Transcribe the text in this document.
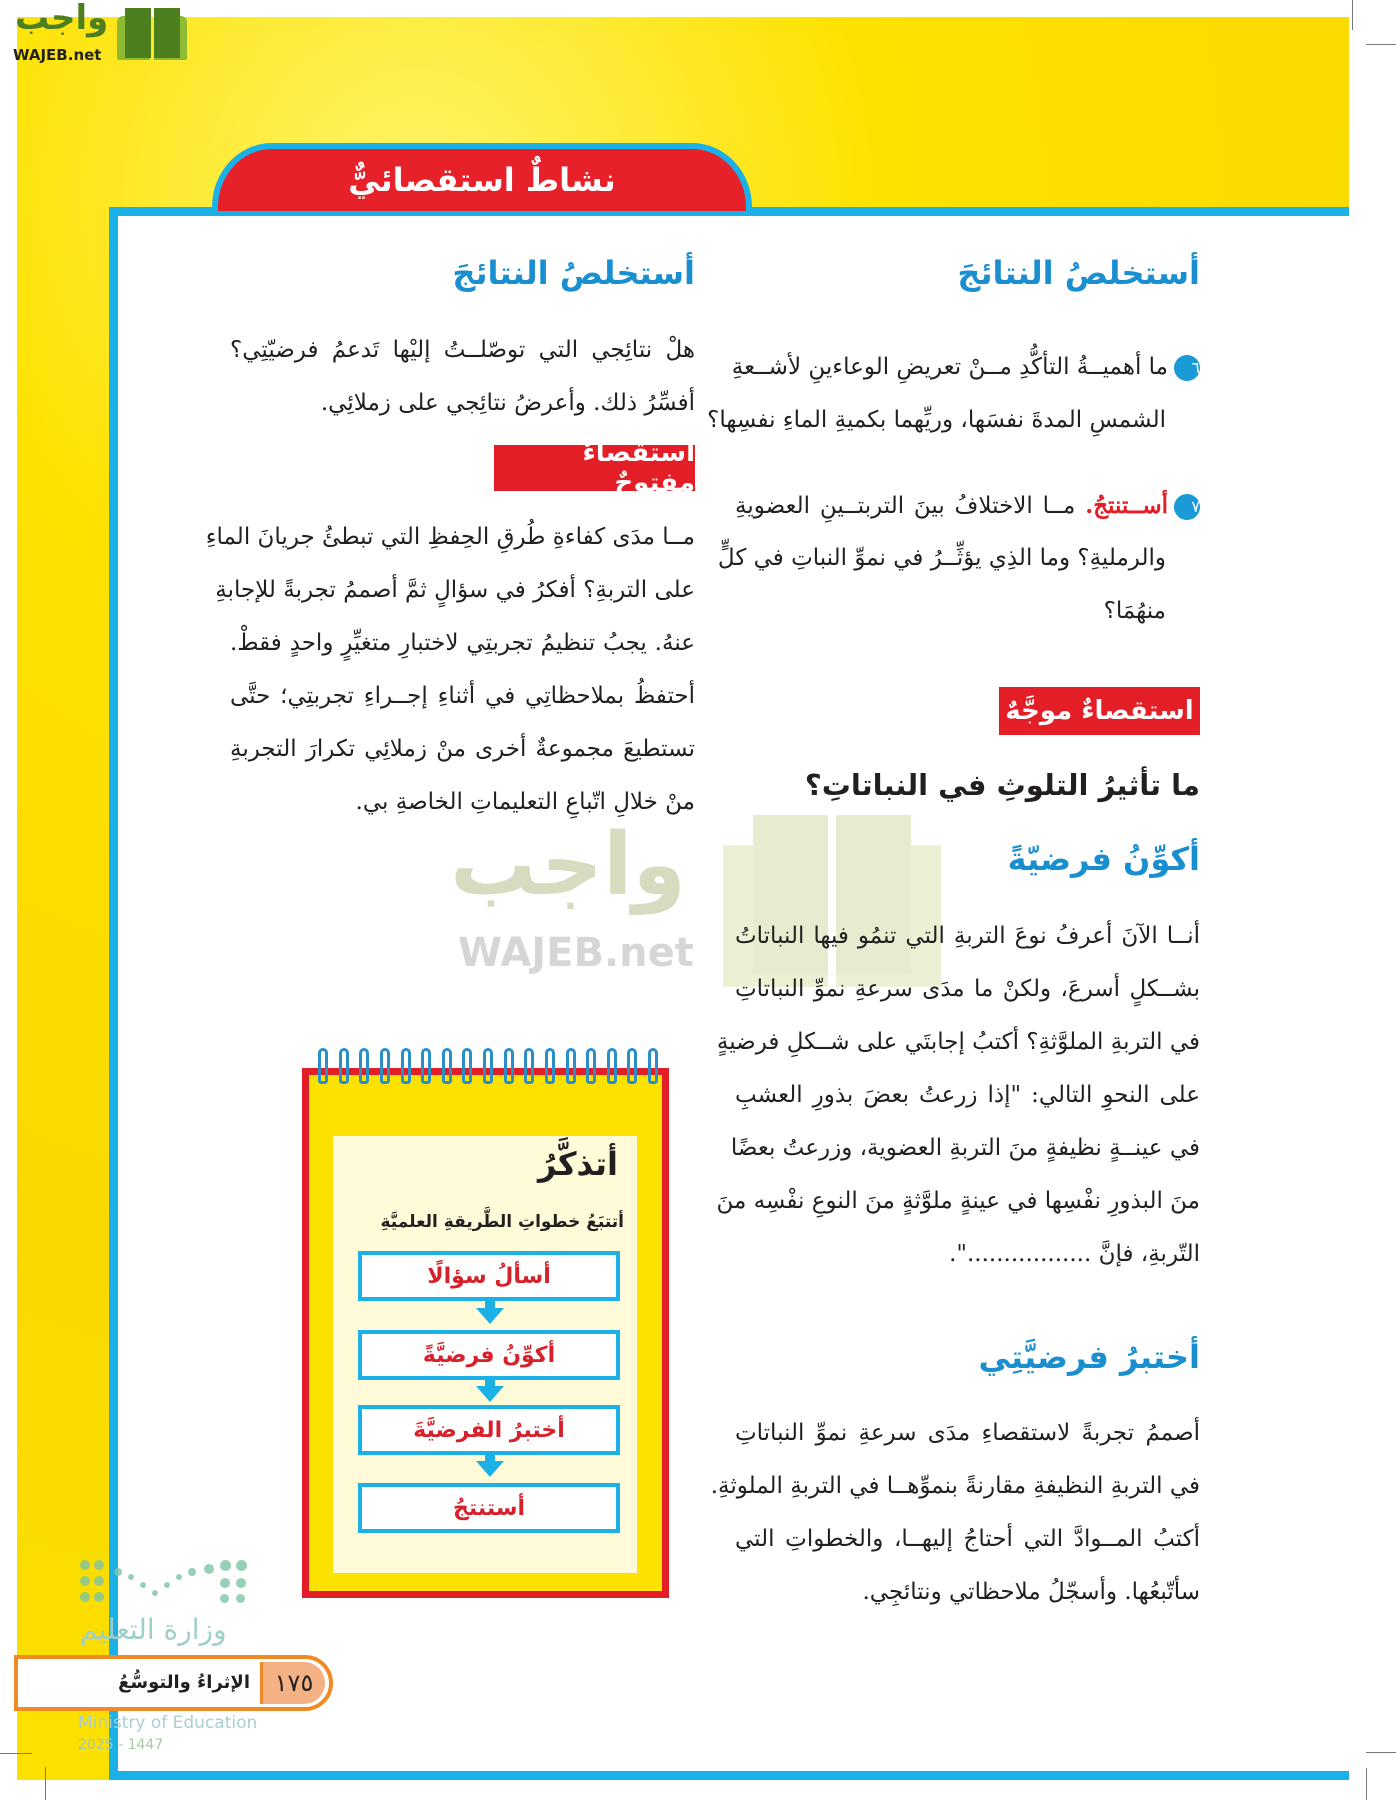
واجب
WAJEB.net
نشاطٌ استقصائيٌّ
واجب
WAJEB.net
أستخلصُ النتائجَ
٦ما أهميــةُ التأكُّدِ مــنْ تعريضِ الوعاءينِ لأشــعةِ
الشمسِ المدةَ نفسَها، وريِّهما بكميةِ الماءِ نفسِها؟
٧أســتنتجُ. مــا الاختلافُ بينَ التربتــينِ العضويةِ
والرمليةِ؟ وما الذِي يؤثِّــرُ في نموِّ النباتِ في كلٍّ
منهُمَا؟
استقصاءٌ موجَّهٌ
ما تأثيرُ التلوثِ في النباتاتِ؟
أكوِّنُ فرضيّةً
أنــا الآنَ أعرفُ نوعَ التربةِ التي تنمُو فيها النباتاتُ
بشــكلٍ أسرعَ، ولكنْ ما مدَى سرعةِ نموِّ النباتاتِ
في التربةِ الملوَّثةِ؟ أكتبُ إجابتَي على شــكلِ فرضيةٍ
على النحوِ التالي: "إذا زرعتُ بعضَ بذورِ العشبِ
في عينــةٍ نظيفةٍ منَ التربةِ العضوية، وزرعتُ بعضًا
منَ البذورِ نفْسِها في عينةٍ ملوَّثةٍ منَ النوعِ نفْسِه منَ
التّربةِ، فإنَّ .................".
أختبرُ فرضيَّتِي
أصممُ تجربةً لاستقصاءِ مدَى سرعةِ نموِّ النباتاتِ
في التربةِ النظيفةِ مقارنةً بنموِّهــا في التربةِ الملوثةِ.
أكتبُ المــوادَّ التي أحتاجُ إليهــا، والخطواتِ التي
سأتّبعُها. وأسجّلُ ملاحظاتي ونتائجِي.
أستخلصُ النتائجَ
هلْ نتائِجي التي توصّلــتُ إليْها تَدعمُ فرضيّتِي؟
أفسِّرُ ذلك. وأعرضُ نتائِجي على زملائِي.
استقصاءٌ مفتوحٌ
مــا مدَى كفاءةِ طُرقِ الحِفظِ التي تبطئُ جريانَ الماءِ
على التربةِ؟ أفكرُ في سؤالٍ ثمَّ أصممُ تجربةً للإجابةِ
عنهُ. يجبُ تنظيمُ تجربتِي لاختبارِ متغيِّرٍ واحدٍ فقطْ.
أحتفظُ بملاحظاتِي في أثناءِ إجــراءِ تجربتِي؛ حتَّى
تستطيعَ مجموعةٌ أخرى منْ زملائِي تكرارَ التجربةِ
منْ خلالِ اتّباعِ التعليماتِ الخاصةِ بي.
أتذكَّرُ
أتتبَعُ خطواتِ الطَّريقةِ العلميَّةِ
أسألُ سؤالًا
أكوِّنُ فرضيَّةً
أختبرُ الفرضيَّةَ
أستنتجُ
وزارة التعليم
١٧٥
الإثراءُ والتوسُّعُ
Ministry of Education
2025 - 1447
